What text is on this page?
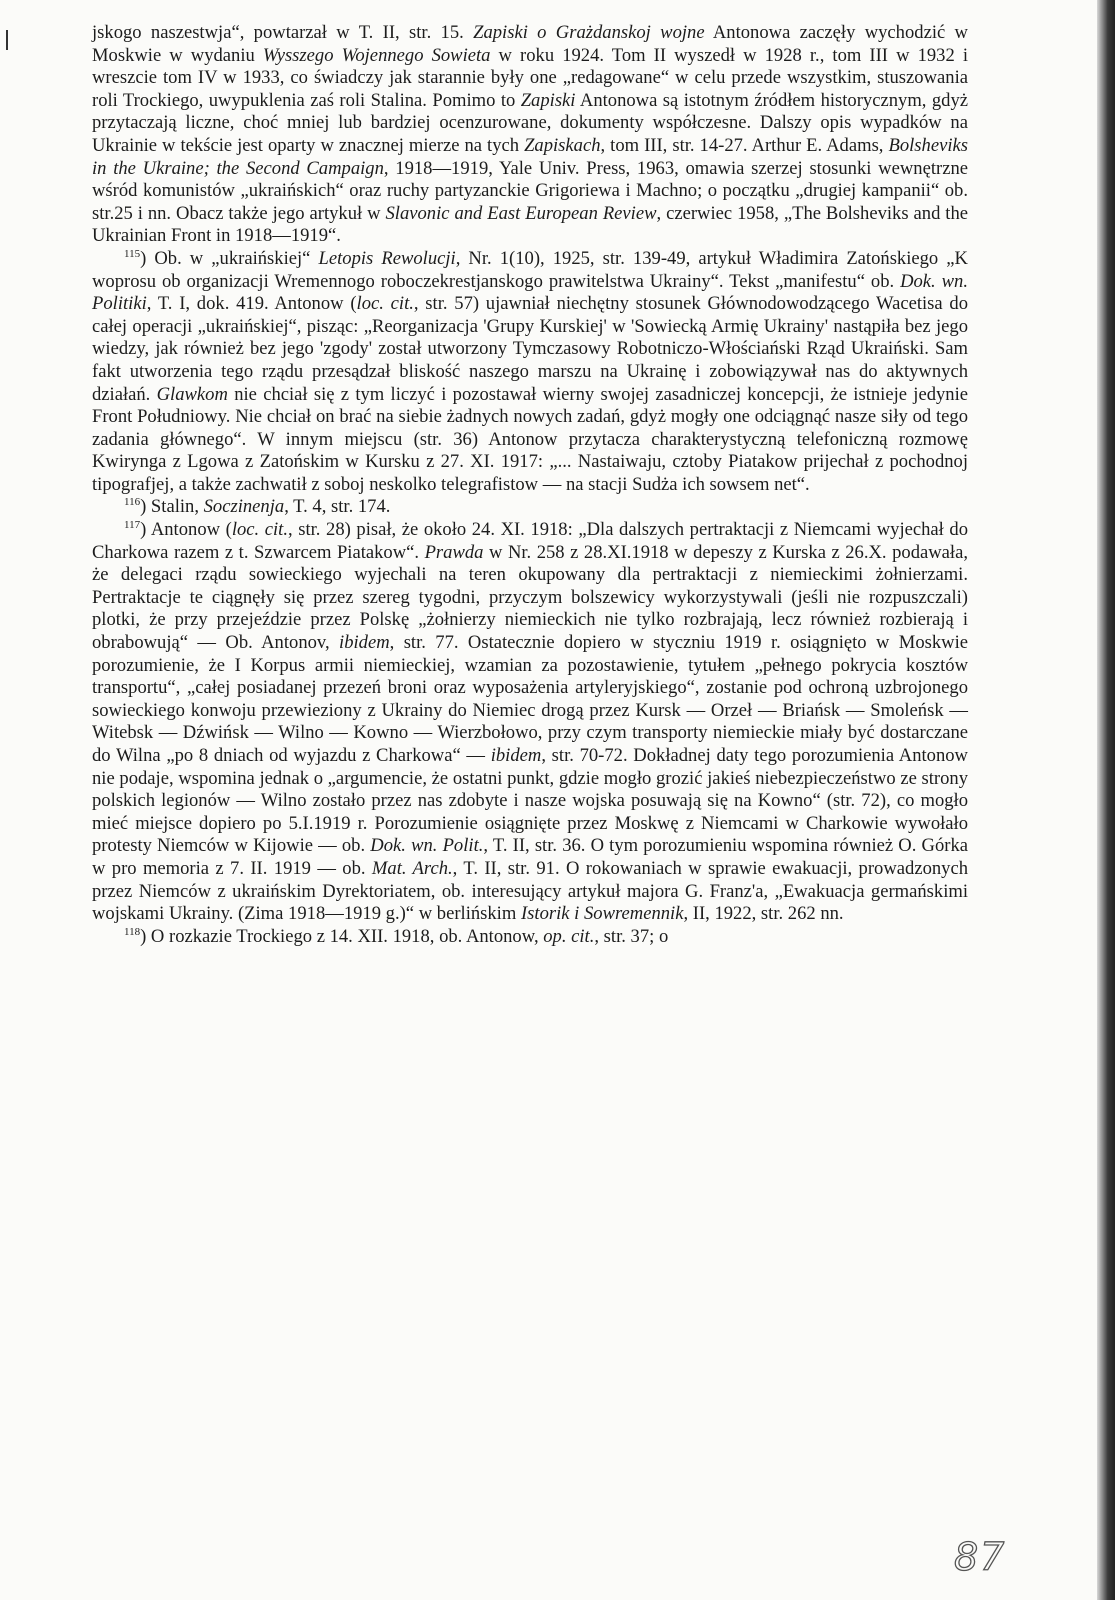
jskogo naszestwja“, powtarzał w T. II, str. 15. Zapiski o Grażdanskoj wojne Antonowa zaczęły wychodzić w Moskwie w wydaniu Wysszego Wojennego Sowieta w roku 1924. Tom II wyszedł w 1928 r., tom III w 1932 i wreszcie tom IV w 1933, co świadczy jak starannie były one „redagowane“ w celu przede wszystkim, stuszowania roli Trockiego, uwypuklenia zaś roli Stalina. Pomimo to Zapiski Antonowa są istotnym źródłem historycznym, gdyż przytaczają liczne, choć mniej lub bardziej ocenzurowane, dokumenty współczesne. Dalszy opis wypadków na Ukrainie w tekście jest oparty w znacznej mierze na tych Zapiskach, tom III, str. 14-27. Arthur E. Adams, Bolsheviks in the Ukraine; the Second Campaign, 1918—1919, Yale Univ. Press, 1963, omawia szerzej stosunki wewnętrzne wśród komunistów „ukraińskich“ oraz ruchy partyzanckie Grigoriewa i Machno; o początku „drugiej kampanii“ ob. str.25 i nn. Obacz także jego artykuł w Slavonic and East European Review, czerwiec 1958, „The Bolsheviks and the Ukrainian Front in 1918—1919“.

$^{115}$) Ob. w „ukraińskiej“ Letopis Rewolucji, Nr. 1(10), 1925, str. 139-49, artykuł Władimira Zatońskiego „K woprosu ob organizacji Wremennogo roboczekrestjanskogo prawitelstwa Ukrainy“. Tekst „manifestu“ ob. Dok. wn. Politiki, T. I, dok. 419. Antonow (loc. cit., str. 57) ujawniał niechętny stosunek Głównodowodzącego Wacetisa do całej operacji „ukraińskiej“, pisząc: „Reorganizacja 'Grupy Kurskiej' w 'Sowiecką Armię Ukrainy' nastąpiła bez jego wiedzy, jak również bez jego 'zgody' został utworzony Tymczasowy Robotniczo-Włościański Rząd Ukraiński. Sam fakt utworzenia tego rządu przesądzał bliskość naszego marszu na Ukrainę i zobowiązywał nas do aktywnych działań. Glawkom nie chciał się z tym liczyć i pozostawał wierny swojej zasadniczej koncepcji, że istnieje jedynie Front Południowy. Nie chciał on brać na siebie żadnych nowych zadań, gdyż mogły one odciągnąć nasze siły od tego zadania głównego“. W innym miejscu (str. 36) Antonow przytacza charakterystyczną telefoniczną rozmowę Kwirynga z Lgowa z Zatońskim w Kursku z 27. XI. 1917: „... Nastaiwaju, cztoby Piatakow prijechał z pochodnoj tipografjej, a także zachwatił z soboj neskolko telegrafistow — na stacji Sudża ich sowsem net“.

$^{116}$) Stalin, Soczinenja, T. 4, str. 174.

$^{117}$) Antonow (loc. cit., str. 28) pisał, że około 24. XI. 1918: „Dla dalszych pertraktacji z Niemcami wyjechał do Charkowa razem z t. Szwarcem Piatakow“. Prawda w Nr. 258 z 28.XI.1918 w depeszy z Kurska z 26.X. podawała, że delegaci rządu sowieckiego wyjechali na teren okupowany dla pertraktacji z niemieckimi żołnierzami. Pertraktacje te ciągnęły się przez szereg tygodni, przyczym bolszewicy wykorzystywali (jeśli nie rozpuszczali) plotki, że przy przejeździe przez Polskę „żołnierzy niemieckich nie tylko rozbrajają, lecz również rozbierają i obrabowują“ — Ob. Antonov, ibidem, str. 77. Ostatecznie dopiero w styczniu 1919 r. osiągnięto w Moskwie porozumienie, że I Korpus armii niemieckiej, wzamian za pozostawienie, tytułem „pełnego pokrycia kosztów transportu“, „całej posiadanej przezeń broni oraz wyposażenia artyleryjskiego“, zostanie pod ochroną uzbrojonego sowieckiego konwoju przewieziony z Ukrainy do Niemiec drogą przez Kursk — Orzeł — Briańsk — Smoleńsk — Witebsk — Dźwińsk — Wilno — Kowno — Wierzbołowo, przy czym transporty niemieckie miały być dostarczane do Wilna „po 8 dniach od wyjazdu z Charkowa“ — ibidem, str. 70-72. Dokładnej daty tego porozumienia Antonow nie podaje, wspomina jednak o „argumencie, że ostatni punkt, gdzie mogło grozić jakieś niebezpieczeństwo ze strony polskich legionów — Wilno zostało przez nas zdobyte i nasze wojska posuwają się na Kowno“ (str. 72), co mogło mieć miejsce dopiero po 5.I.1919 r. Porozumienie osiągnięte przez Moskwę z Niemcami w Charkowie wywołało protesty Niemców w Kijowie — ob. Dok. wn. Polit., T. II, str. 36. O tym porozumieniu wspomina również O. Górka w pro memoria z 7. II. 1919 — ob. Mat. Arch., T. II, str. 91. O rokowaniach w sprawie ewakuacji, prowadzonych przez Niemców z ukraińskim Dyrektoriatem, ob. interesujący artykuł majora G. Franz'a, „Ewakuacja germańskimi wojskami Ukrainy. (Zima 1918—1919 g.)“ w berlińskim Istorik i Sowremennik, II, 1922, str. 262 nn.

$^{118}$) O rozkazie Trockiego z 14. XII. 1918, ob. Antonow, op. cit., str. 37; o

87
